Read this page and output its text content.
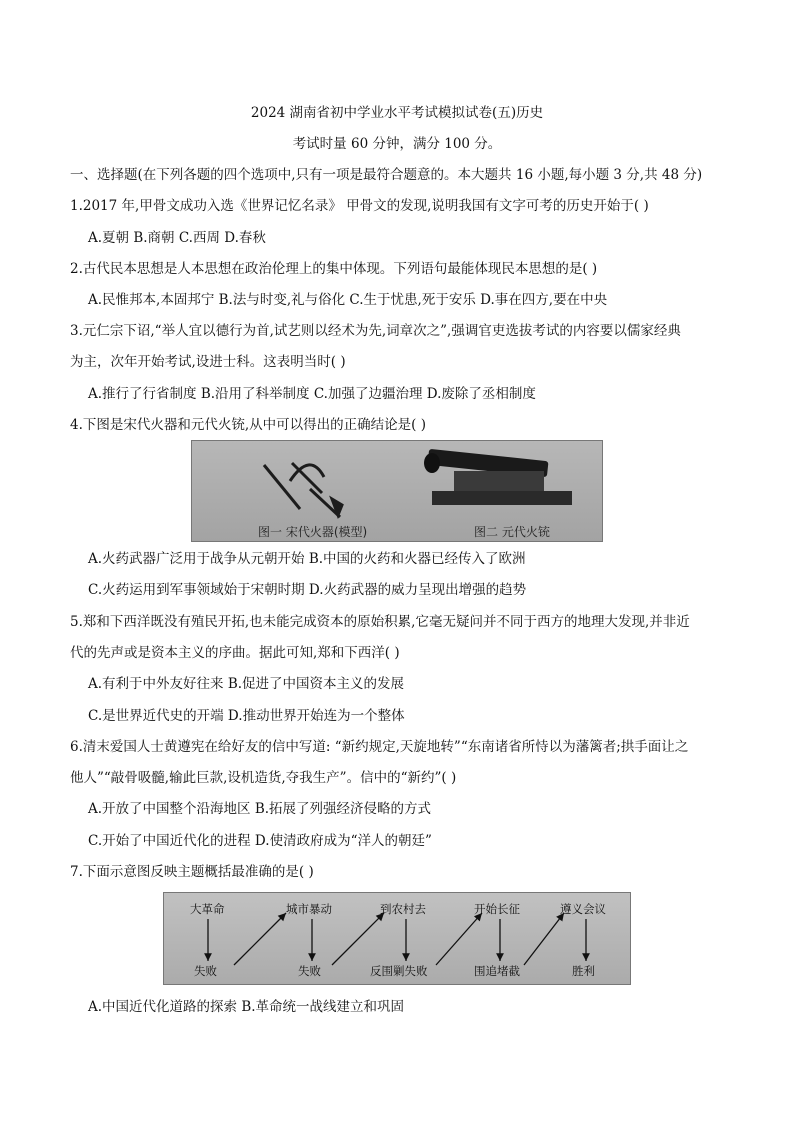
2024 湖南省初中学业水平考试模拟试卷(五)历史
考试时量 60 分钟，满分 100 分。
一、选择题(在下列各题的四个选项中,只有一项是最符合题意的。本大题共 16 小题,每小题 3 分,共 48 分)
1.2017 年,甲骨文成功入选《世界记忆名录》 甲骨文的发现,说明我国有文字可考的历史开始于( )
A.夏朝 B.商朝 C.西周 D.春秋
2.古代民本思想是人本思想在政治伦理上的集中体现。下列语句最能体现民本思想的是( )
A.民惟邦本,本固邦宁 B.法与时变,礼与俗化 C.生于忧患,死于安乐 D.事在四方,要在中央
3.元仁宗下诏,“举人宜以德行为首,试艺则以经术为先,词章次之”,强调官吏选拔考试的内容要以儒家经典
为主，次年开始考试,设进士科。这表明当时( )
A.推行了行省制度 B.沿用了科举制度 C.加强了边疆治理 D.废除了丞相制度
4.下图是宋代火器和元代火铳,从中可以得出的正确结论是( )
图一 宋代火器(模型)	图二 元代火铳
A.火药武器广泛用于战争从元朝开始 B.中国的火药和火器已经传入了欧洲
C.火药运用到军事领域始于宋朝时期 D.火药武器的威力呈现出增强的趋势
5.郑和下西洋既没有殖民开拓,也未能完成资本的原始积累,它毫无疑问并不同于西方的地理大发现,并非近
代的先声或是资本主义的序曲。据此可知,郑和下西洋( )
A.有利于中外友好往来 B.促进了中国资本主义的发展
C.是世界近代史的开端 D.推动世界开始连为一个整体
6.清末爱国人士黄遵宪在给好友的信中写道: “新约规定,天旋地转”“东南诸省所恃以为藩篱者;拱手面让之
他人”“敲骨吸髓,输此巨款,设机造货,夺我生产”。信中的“新约”( )
A.开放了中国整个沿海地区 B.拓展了列强经济侵略的方式
C.开始了中国近代化的进程 D.使清政府成为“洋人的朝廷”
7.下面示意图反映主题概括最准确的是( )
大革命	城市暴动	到农村去	开始长征	遵义会议
失败	失败	反围剿失败	围追堵截	胜利
A.中国近代化道路的探索 B.革命统一战线建立和巩固
